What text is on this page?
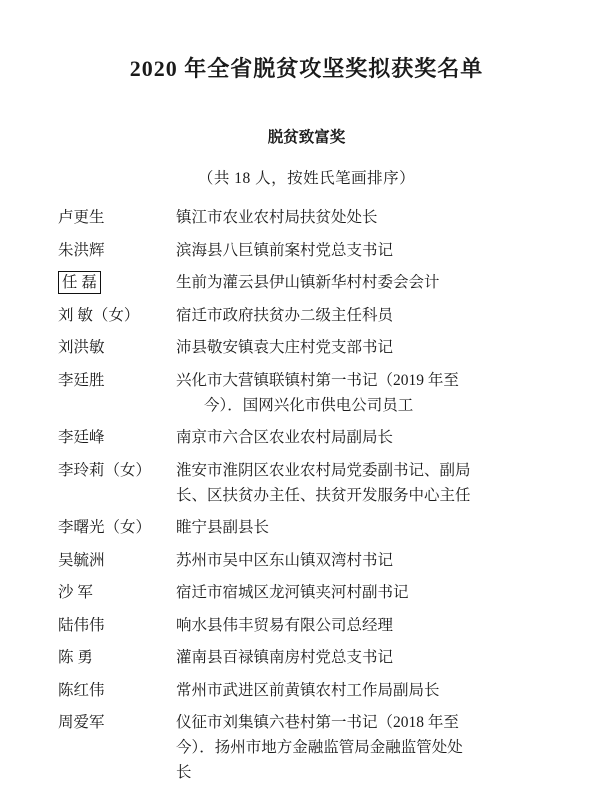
2020 年全省脱贫攻坚奖拟获奖名单
脱贫致富奖
（共 18 人，按姓氏笔画排序）
卢更生	镇江市农业农村局扶贫处处长
朱洪辉	滨海县八巨镇前案村党总支书记
任 磊	生前为灌云县伊山镇新华村村委会会计
刘 敏（女）	宿迁市政府扶贫办二级主任科员
刘洪敏	沛县敬安镇袁大庄村党支部书记
李廷胜	兴化市大营镇联镇村第一书记（2019 年至
今）．国网兴化市供电公司员工
李廷峰	南京市六合区农业农村局副局长
李玲莉（女）	淮安市淮阴区农业农村局党委副书记、副局
长、区扶贫办主任、扶贫开发服务中心主任
李曙光（女）	睢宁县副县长
吴毓洲	苏州市吴中区东山镇双湾村书记
沙 军	宿迁市宿城区龙河镇夹河村副书记
陆伟伟	响水县伟丰贸易有限公司总经理
陈 勇	灌南县百禄镇南房村党总支书记
陈红伟	常州市武进区前黄镇农村工作局副局长
周爱军	仪征市刘集镇六巷村第一书记（2018 年至
今）．扬州市地方金融监管局金融监管处处
长
